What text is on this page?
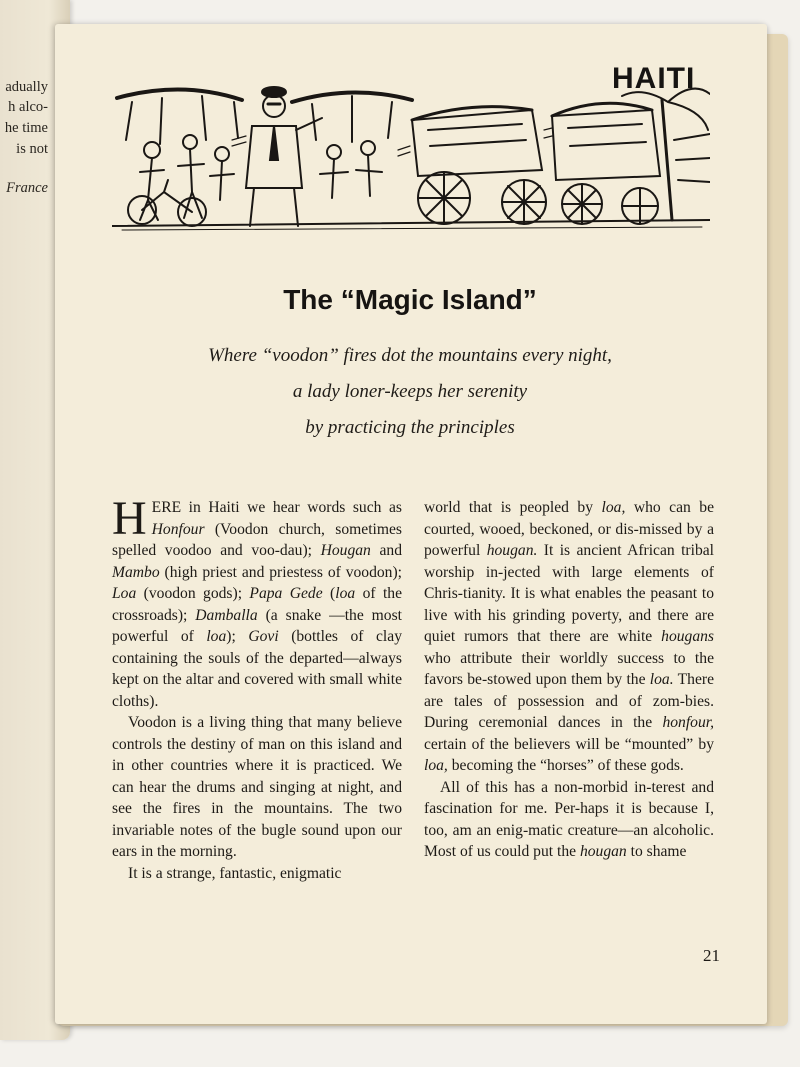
adually
h alco-
he time
is not
France
HAITI
The “Magic Island”
Where “voodon” fires dot the mountains every night,
a lady loner-keeps her serenity
by practicing the principles

HERE in Haiti we hear words such as Honfour (Voodon church, sometimes spelled voodoo and voo-dau); Hougan and Mambo (high priest and priestess of voodon); Loa (voodon gods); Papa Gede (loa of the crossroads); Damballa (a snake —the most powerful of loa); Govi (bottles of clay containing the souls of the departed—always kept on the altar and covered with small white cloths).

Voodon is a living thing that many believe controls the destiny of man on this island and in other countries where it is practiced. We can hear the drums and singing at night, and see the fires in the mountains. The two invariable notes of the bugle sound upon our ears in the morning.

It is a strange, fantastic, enigmatic

world that is peopled by loa, who can be courted, wooed, beckoned, or dis-missed by a powerful hougan. It is ancient African tribal worship in-jected with large elements of Chris-tianity. It is what enables the peasant to live with his grinding poverty, and there are quiet rumors that there are white hougans who attribute their worldly success to the favors be-stowed upon them by the loa. There are tales of possession and of zom-bies. During ceremonial dances in the honfour, certain of the believers will be “mounted” by loa, becoming the “horses” of these gods.

All of this has a non-morbid in-terest and fascination for me. Per-haps it is because I, too, am an enig-matic creature—an alcoholic. Most of us could put the hougan to shame

21
